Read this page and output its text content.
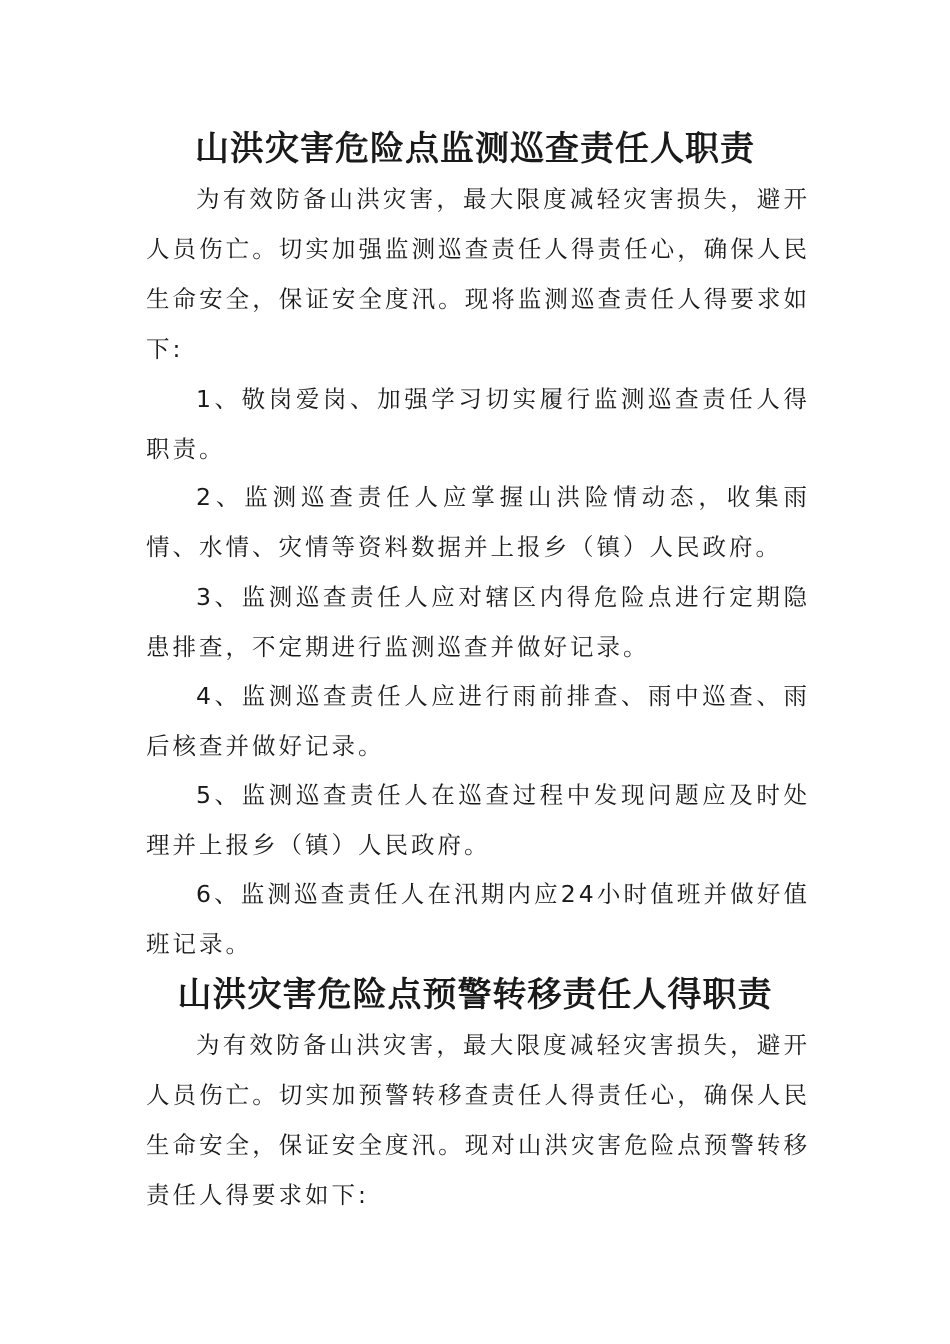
山洪灾害危险点监测巡查责任人职责

为有效防备山洪灾害，最大限度减轻灾害损失，避开人员伤亡。切实加强监测巡查责任人得责任心，确保人民生命安全，保证安全度汛。现将监测巡查责任人得要求如下:

1、敬岗爱岗、加强学习切实履行监测巡查责任人得职责。

2、监测巡查责任人应掌握山洪险情动态，收集雨情、水情、灾情等资料数据并上报乡（镇）人民政府。

3、监测巡查责任人应对辖区内得危险点进行定期隐患排查，不定期进行监测巡查并做好记录。

4、监测巡查责任人应进行雨前排查、雨中巡查、雨后核查并做好记录。

5、监测巡查责任人在巡查过程中发现问题应及时处理并上报乡（镇）人民政府。

6、监测巡查责任人在汛期内应24小时值班并做好值班记录。

山洪灾害危险点预警转移责任人得职责

为有效防备山洪灾害，最大限度减轻灾害损失，避开人员伤亡。切实加预警转移查责任人得责任心，确保人民生命安全，保证安全度汛。现对山洪灾害危险点预警转移责任人得要求如下:
